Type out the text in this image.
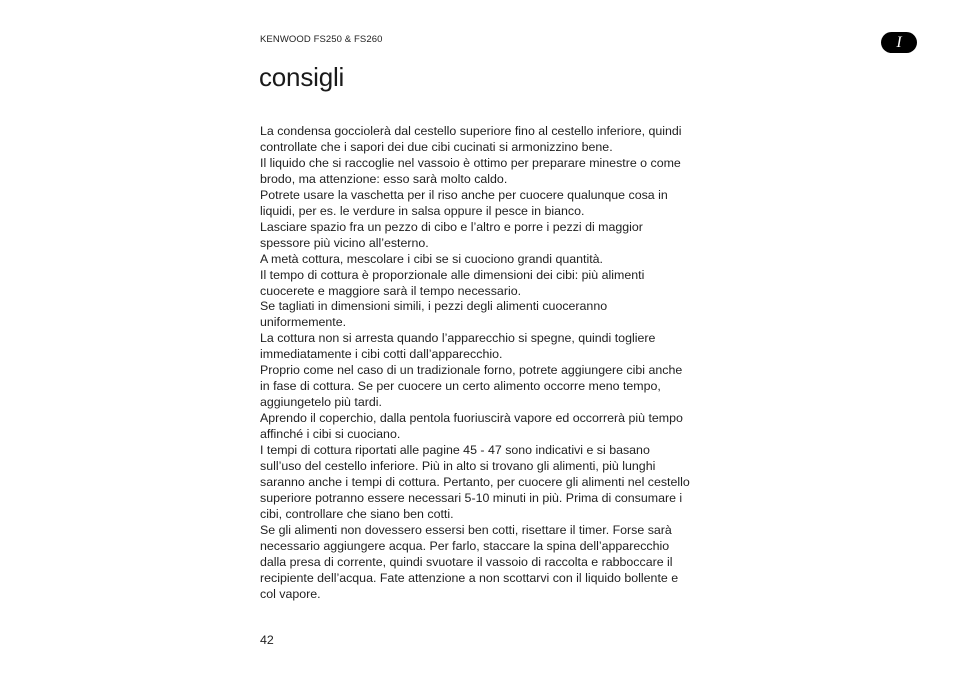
KENWOOD FS250 & FS260	I
consigli

La condensa gocciolerà dal cestello superiore fino al cestello inferiore, quindi controllate che i sapori dei due cibi cucinati si armonizzino bene.

Il liquido che si raccoglie nel vassoio è ottimo per preparare minestre o come brodo, ma attenzione: esso sarà molto caldo.

Potrete usare la vaschetta per il riso anche per cuocere qualunque cosa in liquidi, per es. le verdure in salsa oppure il pesce in bianco.

Lasciare spazio fra un pezzo di cibo e l’altro e porre i pezzi di maggior spessore più vicino all’esterno.

A metà cottura, mescolare i cibi se si cuociono grandi quantità.

Il tempo di cottura è proporzionale alle dimensioni dei cibi: più alimenti cuocerete e maggiore sarà il tempo necessario.

Se tagliati in dimensioni simili, i pezzi degli alimenti cuoceranno uniformemente.

La cottura non si arresta quando l’apparecchio si spegne, quindi togliere immediatamente i cibi cotti dall’apparecchio.

Proprio come nel caso di un tradizionale forno, potrete aggiungere cibi anche in fase di cottura. Se per cuocere un certo alimento occorre meno tempo, aggiungetelo più tardi.

Aprendo il coperchio, dalla pentola fuoriuscirà vapore ed occorrerà più tempo affinché i cibi si cuociano.

I tempi di cottura riportati alle pagine 45 - 47 sono indicativi e si basano sull’uso del cestello inferiore. Più in alto si trovano gli alimenti, più lunghi saranno anche i tempi di cottura. Pertanto, per cuocere gli alimenti nel cestello superiore potranno essere necessari 5-10 minuti in più. Prima di consumare i cibi, controllare che siano ben cotti.

Se gli alimenti non dovessero essersi ben cotti, risettare il timer. Forse sarà necessario aggiungere acqua. Per farlo, staccare la spina dell’apparecchio dalla presa di corrente, quindi svuotare il vassoio di raccolta e rabboccare il recipiente dell’acqua. Fate attenzione a non scottarvi con il liquido bollente e col vapore.

42
